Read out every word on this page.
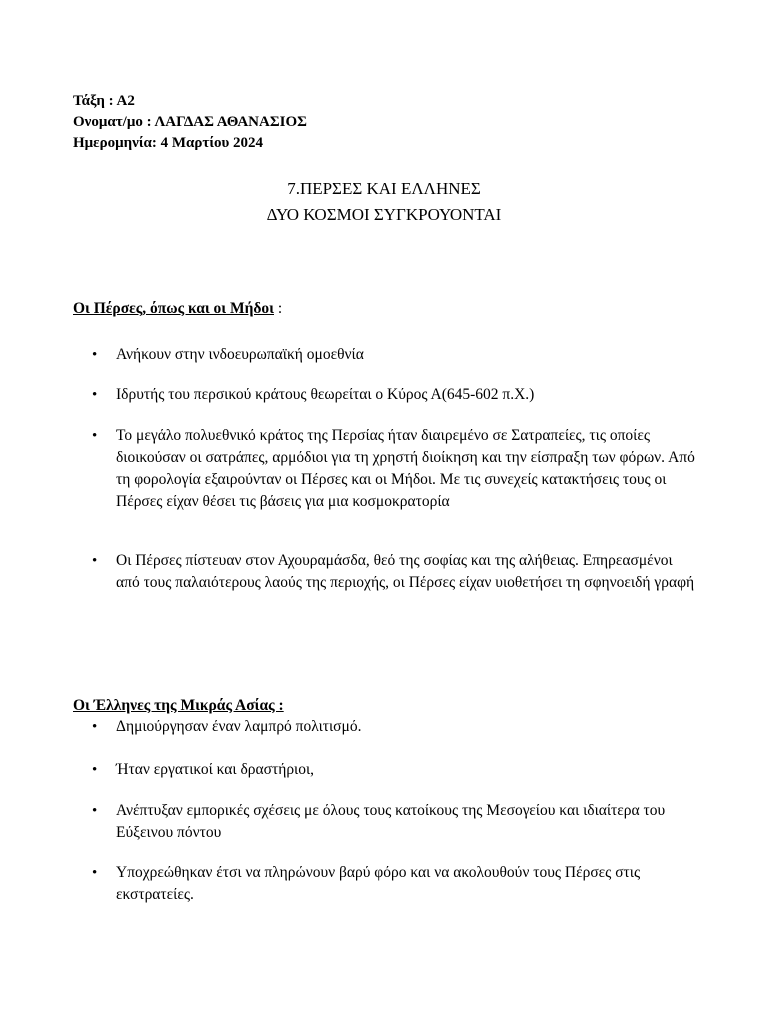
Τάξη : Α2
Ονοματ/μο : ΛΑΓΔΑΣ ΑΘΑΝΑΣΙΟΣ
Ημερομηνία: 4 Μαρτίου 2024
7.ΠΕΡΣΕΣ ΚΑΙ ΕΛΛΗΝΕΣ
ΔΥΟ ΚΟΣΜΟΙ ΣΥΓΚΡΟΥΟΝΤΑΙ
Οι Πέρσες, όπως και οι Μήδοι :
• Ανήκουν στην ινδοευρωπαϊκή ομοεθνία
• Ιδρυτής του περσικού κράτους θεωρείται ο Κύρος Α(645-602 π.Χ.)
• Το μεγάλο πολυεθνικό κράτος της Περσίας ήταν διαιρεμένο σε Σατραπείες, τις οποίες διοικούσαν οι σατράπες, αρμόδιοι για τη χρηστή διοίκηση και την είσπραξη των φόρων. Από τη φορολογία εξαιρούνταν οι Πέρσες και οι Μήδοι. Με τις συνεχείς κατακτήσεις τους οι Πέρσες είχαν θέσει τις βάσεις για μια κοσμοκρατορία
• Οι Πέρσες πίστευαν στον Αχουραμάσδα, θεό της σοφίας και της αλήθειας. Επηρεασμένοι από τους παλαιότερους λαούς της περιοχής, οι Πέρσες είχαν υιοθετήσει τη σφηνοειδή γραφή
Οι Έλληνες της Μικράς Ασίας :
• Δημιούργησαν έναν λαμπρό πολιτισμό.
• Ήταν εργατικοί και δραστήριοι,
• Ανέπτυξαν εμπορικές σχέσεις με όλους τους κατοίκους της Μεσογείου και ιδιαίτερα του Εύξεινου πόντου
• Υποχρεώθηκαν έτσι να πληρώνουν βαρύ φόρο και να ακολουθούν τους Πέρσες στις εκστρατείες.
